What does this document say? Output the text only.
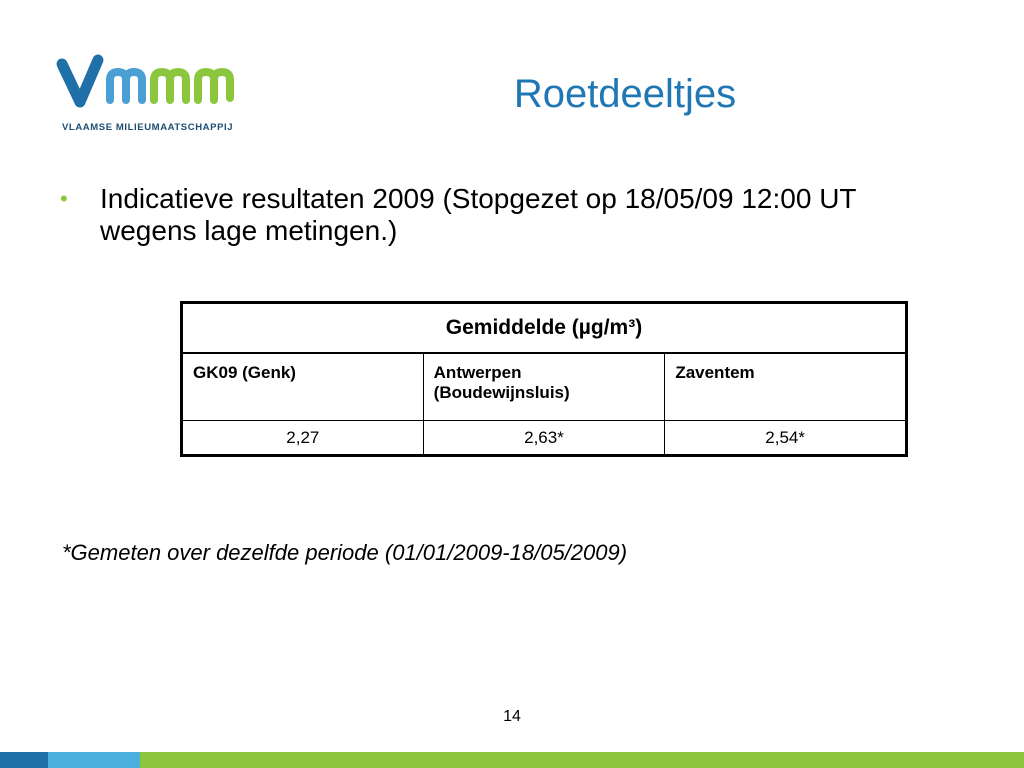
VLAAMSE MILIEUMAATSCHAPPIJ
Roetdeeltjes
•	Indicatieve resultaten 2009 (Stopgezet op 18/05/09 12:00 UT wegens lage metingen.)
Gemiddelde (µg/m³)		
GK09 (Genk)	Antwerpen (Boudewijnsluis)	Zaventem
2,27	2,63*	2,54*
*Gemeten over dezelfde periode (01/01/2009-18/05/2009)
14
